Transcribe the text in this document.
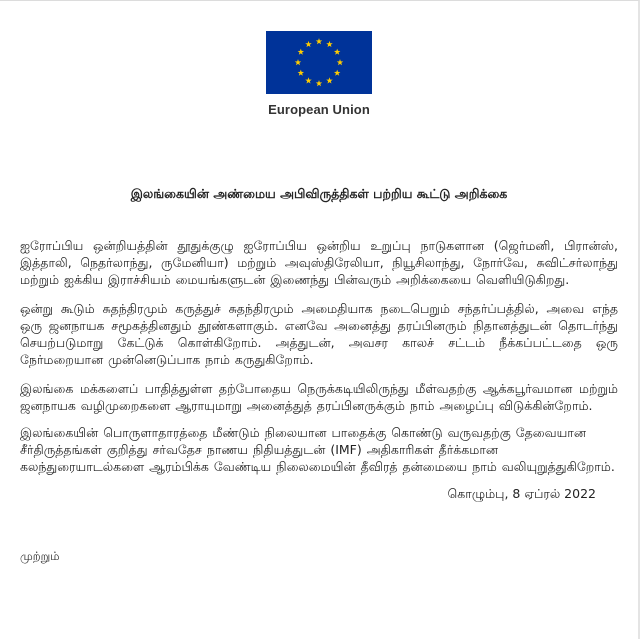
European Union
இலங்கையின் அண்மைய அபிவிருத்திகள் பற்றிய கூட்டு அறிக்கை

ஐரோப்பிய ஒன்றியத்தின் தூதுக்குழு ஐரோப்பிய ஒன்றிய உறுப்பு நாடுகளான (ஜெர்மனி, பிரான்ஸ், இத்தாலி, நெதர்லாந்து, ருமேனியா) மற்றும் அவுஸ்திரேலியா, நியூசிலாந்து, நோர்வே, சுவிட்சர்லாந்து மற்றும் ஐக்கிய இராச்சியம் மையங்களுடன் இணைந்து பின்வரும் அறிக்கையை வெளியிடுகிறது.

ஒன்று கூடும் சுதந்திரமும் கருத்துச் சுதந்திரமும் அமைதியாக நடைபெறும் சந்தர்ப்பத்தில், அவை எந்த ஒரு ஜனநாயக சமூகத்தினதும் தூண்களாகும். எனவே அனைத்து தரப்பினரும் நிதானத்துடன் தொடர்ந்து செயற்படுமாறு கேட்டுக் கொள்கிறோம். அத்துடன், அவசர காலச் சட்டம் நீக்கப்பட்டதை ஒரு நேர்மறையான முன்னெடுப்பாக நாம் கருதுகிறோம்.

இலங்கை மக்களைப் பாதித்துள்ள தற்போதைய நெருக்கடியிலிருந்து மீள்வதற்கு ஆக்கபூர்வமான மற்றும் ஜனநாயக வழிமுறைகளை ஆராயுமாறு அனைத்துத் தரப்பினருக்கும் நாம் அழைப்பு விடுக்கின்றோம்.

இலங்கையின் பொருளாதாரத்தை மீண்டும் நிலையான பாதைக்கு கொண்டு வருவதற்கு தேவையான சீர்திருத்தங்கள் குறித்து சர்வதேச நாணய நிதியத்துடன் (IMF) அதிகாரிகள் தீர்க்கமான கலந்துரையாடல்களை ஆரம்பிக்க வேண்டிய நிலைமையின் தீவிரத் தன்மையை நாம் வலியுறுத்துகிறோம்.

கொழும்பு, 8 ஏப்ரல் 2022
முற்றும்
